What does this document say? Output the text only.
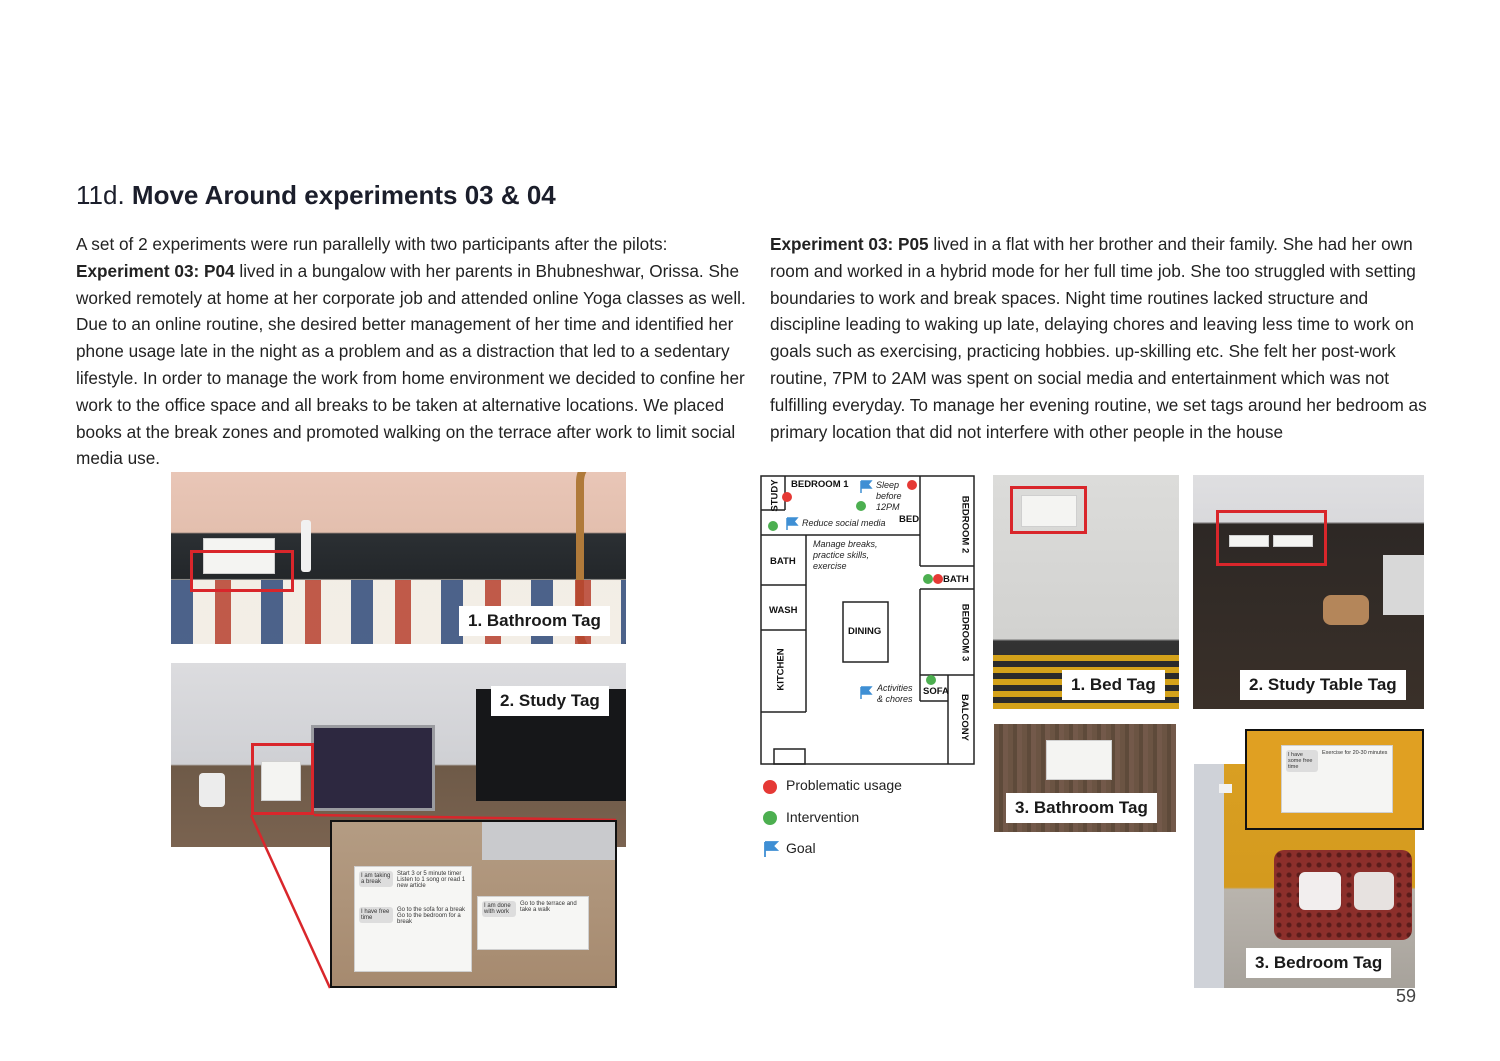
11d. Move Around experiments 03 & 04
A set of 2 experiments were run parallelly with two participants after the pilots:
Experiment 03: P04 lived in a bungalow with her parents in Bhubneshwar, Orissa. She worked remotely at home at her corporate job and attended online Yoga classes as well. Due to an online routine, she desired better management of her time and identified her phone usage late in the night as a problem and as a distraction that led to a sedentary lifestyle. In order to manage the work from home environment we decided to confine her work to the office space and all breaks to be taken at alternative locations. We placed books at the break zones and promoted walking on the terrace after work to limit social media use.
Experiment 03: P05 lived in a flat with her brother and their family. She had her own room and worked in a hybrid mode for her full time job. She too struggled with setting boundaries to work and break spaces. Night time routines lacked structure and discipline leading to waking up late, delaying chores and leaving less time to work on goals such as exercising, practicing hobbies. up-skilling etc. She felt her post-work routine, 7PM to 2AM was spent on social media and entertainment which was not fulfilling everyday. To manage her evening routine, we set tags around her bedroom as primary location that did not interfere with other people in the house
1. Bathroom Tag
2. Study Tag
I am taking a break
Start 3 or 5 minute timer
Listen to 1 song or read 1 new article
I have free time
Go to the sofa for a break
Go to the bedroom for a break
I am done with work
Go to the terrace and take a walk
STUDY BEDROOM 1
BED	BEDROOM 2
BATH
BATH
WASH
DINING	BEDROOM 3
KITCHEN
SOFA
BALCONY
Sleep before 12PM
Reduce social media
Manage breaks, practice skills, exercise
Activities & chores
Problematic usage
Intervention
Goal
1. Bed Tag	2. Study Table Tag
3. Bathroom Tag
3. Bedroom Tag
I have some free time
Exercise for 20-30 minutes
59
